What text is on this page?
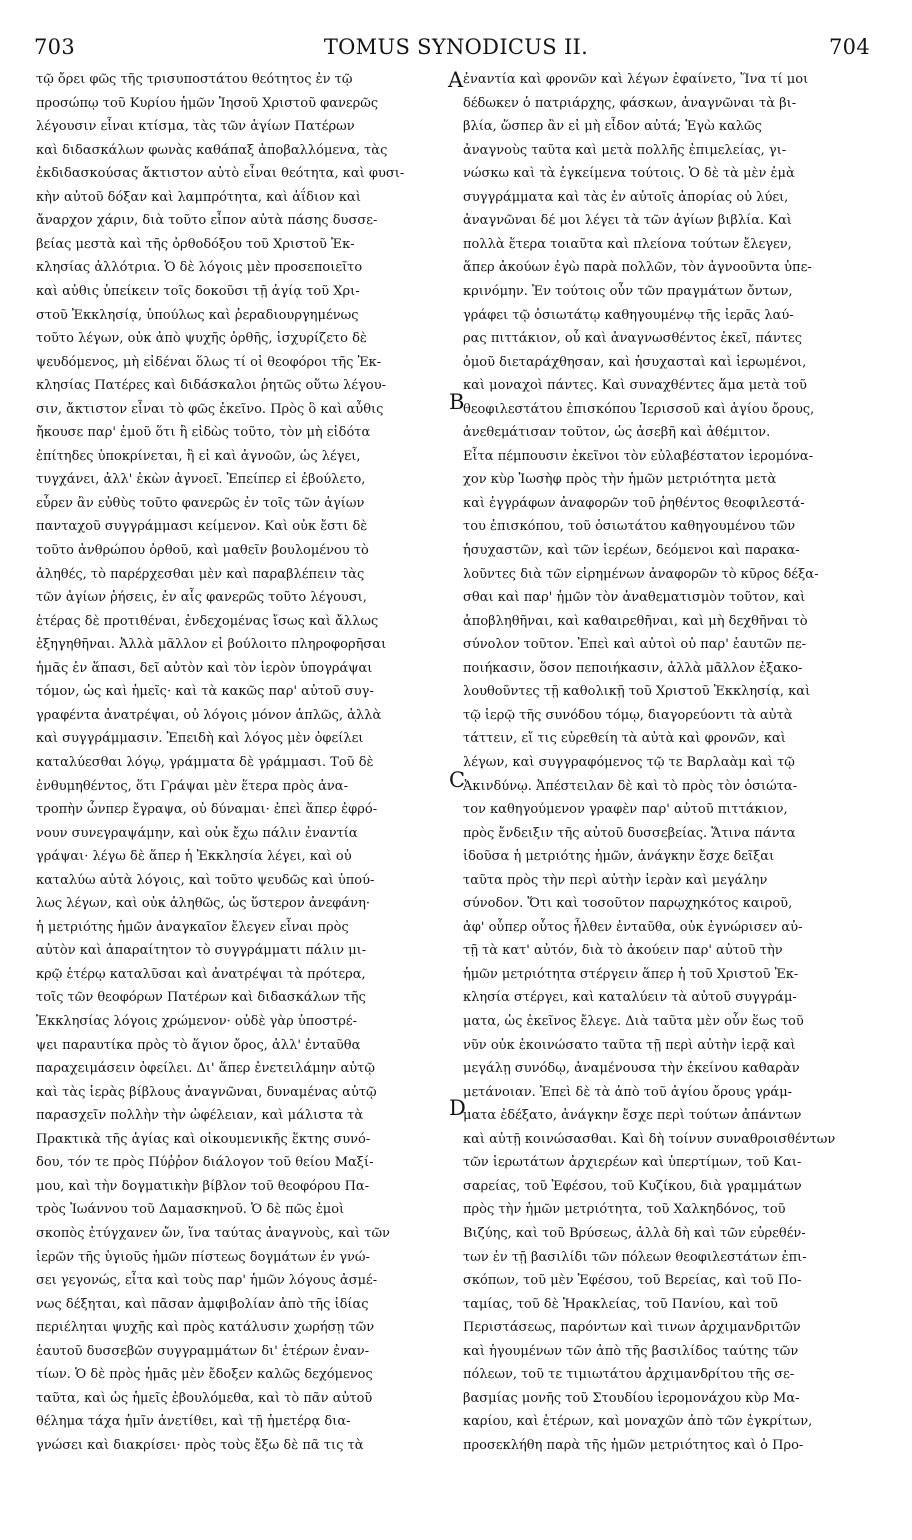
703	TOMUS SYNODICUS II.	704
τῷ ὄρει φῶς τῆς τρισυποστάτου θεότητος ἐν τῷ
προσώπῳ τοῦ Κυρίου ἡμῶν Ἰησοῦ Χριστοῦ φανερῶς
λέγουσιν εἶναι κτίσμα, τὰς τῶν ἁγίων Πατέρων
καὶ διδασκάλων φωνὰς καθάπαξ ἀποβαλλόμενα, τὰς
ἐκδιδασκούσας ἄκτιστον αὐτὸ εἶναι θεότητα, καὶ φυσι-
κὴν αὐτοῦ δόξαν καὶ λαμπρότητα, καὶ ἀΐδιον καὶ
ἄναρχον χάριν, διὰ τοῦτο εἶπον αὐτὰ πάσης δυσσε-
βείας μεστὰ καὶ τῆς ὀρθοδόξου τοῦ Χριστοῦ Ἐκ-
κλησίας ἀλλότρια. Ὁ δὲ λόγοις μὲν προσεποιεῖτο
καὶ αὐθις ὑπείκειν τοῖς δοκοῦσι τῇ ἁγίᾳ τοῦ Χρι-
στοῦ Ἐκκλησίᾳ, ὑπούλως καὶ ῥεραδιουργημένως
τοῦτο λέγων, οὐκ ἀπὸ ψυχῆς ὀρθῆς, ἰσχυρίζετο δὲ
ψευδόμενος, μὴ εἰδέναι ὅλως τί οἱ θεοφόροι τῆς Ἐκ-
κλησίας Πατέρες καὶ διδάσκαλοι ῥητῶς οὕτω λέγου-
σιν, ἄκτιστον εἶναι τὸ φῶς ἐκεῖνο. Πρὸς ὃ καὶ αὖθις
ἤκουσε παρ' ἐμοῦ ὅτι ἢ εἰδὼς τοῦτο, τὸν μὴ εἰδότα
ἐπίτηδες ὑποκρίνεται, ἢ εἰ καὶ ἀγνοῶν, ὡς λέγει,
τυγχάνει, ἀλλ' ἑκὼν ἀγνοεῖ. Ἐπείπερ εἰ ἐβούλετο,
εὗρεν ἂν εὐθὺς τοῦτο φανερῶς ἐν τοῖς τῶν ἁγίων
πανταχοῦ συγγράμμασι κείμενον. Καὶ οὐκ ἔστι δὲ
τοῦτο ἀνθρώπου ὀρθοῦ, καὶ μαθεῖν βουλομένου τὸ
ἀληθές, τὸ παρέρχεσθαι μὲν καὶ παραβλέπειν τὰς
τῶν ἁγίων ῥήσεις, ἐν αἷς φανερῶς τοῦτο λέγουσι,
ἑτέρας δὲ προτιθέναι, ἐνδεχομένας ἴσως καὶ ἄλλως
ἐξηγηθῆναι. Ἀλλὰ μᾶλλον εἰ βούλοιτο πληροφορῆσαι
ἡμᾶς ἐν ἅπασι, δεῖ αὐτὸν καὶ τὸν ἱερὸν ὑπογράψαι
τόμον, ὡς καὶ ἡμεῖς· καὶ τὰ κακῶς παρ' αὐτοῦ συγ-
γραφέντα ἀνατρέψαι, οὐ λόγοις μόνον ἁπλῶς, ἀλλὰ
καὶ συγγράμμασιν. Ἐπειδὴ καὶ λόγος μὲν ὀφείλει
καταλύεσθαι λόγῳ, γράμματα δὲ γράμμασι. Τοῦ δὲ
ἐνθυμηθέντος, ὅτι Γράψαι μὲν ἕτερα πρὸς ἀνα-
τροπὴν ὧνπερ ἔγραψα, οὐ δύναμαι· ἐπεὶ ἅπερ ἐφρό-
νουν συνεγραψάμην, καὶ οὐκ ἔχω πάλιν ἐναντία
γράψαι· λέγω δὲ ἅπερ ἡ Ἐκκλησία λέγει, καὶ οὐ
καταλύω αὐτὰ λόγοις, καὶ τοῦτο ψευδῶς καὶ ὑπού-
λως λέγων, καὶ οὐκ ἀληθῶς, ὡς ὕστερον ἀνεφάνη·
ἡ μετριότης ἡμῶν ἀναγκαῖον ἔλεγεν εἶναι πρὸς
αὐτὸν καὶ ἀπαραίτητον τὸ συγγράμματι πάλιν μι-
κρῷ ἑτέρῳ καταλῦσαι καὶ ἀνατρέψαι τὰ πρότερα,
τοῖς τῶν θεοφόρων Πατέρων καὶ διδασκάλων τῆς
Ἐκκλησίας λόγοις χρώμενον· οὐδὲ γὰρ ὑποστρέ-
ψει παραυτίκα πρὸς τὸ ἅγιον ὄρος, ἀλλ' ἐνταῦθα
παραχειμάσειν ὀφείλει. Δι' ἅπερ ἐνετειλάμην αὐτῷ
καὶ τὰς ἱερὰς βίβλους ἀναγνῶναι, δυναμένας αὐτῷ
παρασχεῖν πολλὴν τὴν ὠφέλειαν, καὶ μάλιστα τὰ
Πρακτικὰ τῆς ἁγίας καὶ οἰκουμενικῆς ἕκτης συνό-
δου, τόν τε πρὸς Πύῤῥον διάλογον τοῦ θείου Μαξί-
μου, καὶ τὴν δογματικὴν βίβλον τοῦ θεοφόρου Πα-
τρὸς Ἰωάννου τοῦ Δαμασκηνοῦ. Ὁ δὲ πῶς ἐμοὶ
σκοπὸς ἐτύγχανεν ὤν, ἵνα ταύτας ἀναγνοὺς, καὶ τῶν
ἱερῶν τῆς ὑγιοῦς ἡμῶν πίστεως δογμάτων ἐν γνώ-
σει γεγονώς, εἶτα καὶ τοὺς παρ' ἡμῶν λόγους ἀσμέ-
νως δέξηται, καὶ πᾶσαν ἀμφιβολίαν ἀπὸ τῆς ἰδίας
περιέληται ψυχῆς καὶ πρὸς κατάλυσιν χωρήσῃ τῶν
ἑαυτοῦ δυσσεβῶν συγγραμμάτων δι' ἑτέρων ἐναν-
τίων. Ὁ δὲ πρὸς ἡμᾶς μὲν ἔδοξεν καλῶς δεχόμενος
ταῦτα, καὶ ὡς ἡμεῖς ἐβουλόμεθα, καὶ τὸ πᾶν αὐτοῦ
θέλημα τάχα ἡμῖν ἀνετίθει, καὶ τῇ ἡμετέρᾳ δια-
γνώσει καὶ διακρίσει· πρὸς τοὺς ἔξω δὲ πᾶ τις τὰ
ἐναντία καὶ φρονῶν καὶ λέγων ἐφαίνετο, Ἵνα τί μοι
δέδωκεν ὁ πατριάρχης, φάσκων, ἀναγνῶναι τὰ βι-
βλία, ὥσπερ ἂν εἰ μὴ εἶδον αὐτά; Ἐγὼ καλῶς
ἀναγνοὺς ταῦτα καὶ μετὰ πολλῆς ἐπιμελείας, γι-
νώσκω καὶ τὰ ἐγκείμενα τούτοις. Ὁ δὲ τὰ μὲν ἐμὰ
συγγράμματα καὶ τὰς ἐν αὐτοῖς ἀπορίας οὐ λύει,
ἀναγνῶναι δέ μοι λέγει τὰ τῶν ἁγίων βιβλία. Καὶ
πολλὰ ἕτερα τοιαῦτα καὶ πλείονα τούτων ἔλεγεν,
ἅπερ ἀκούων ἐγὼ παρὰ πολλῶν, τὸν ἀγνοοῦντα ὑπε-
κρινόμην. Ἐν τούτοις οὖν τῶν πραγμάτων ὄντων,
γράφει τῷ ὁσιωτάτῳ καθηγουμένῳ τῆς ἱερᾶς λαύ-
ρας πιττάκιον, οὗ καὶ ἀναγνωσθέντος ἐκεῖ, πάντες
ὁμοῦ διεταράχθησαν, καὶ ἡσυχασταὶ καὶ ἱερωμένοι,
καὶ μοναχοὶ πάντες. Καὶ συναχθέντες ἅμα μετὰ τοῦ
θεοφιλεστάτου ἐπισκόπου Ἱερισσοῦ καὶ ἁγίου ὄρους,
ἀνεθεμάτισαν τοῦτον, ὡς ἀσεβῆ καὶ ἀθέμιτον.
Εἶτα πέμπουσιν ἐκεῖνοι τὸν εὐλαβέστατον ἱερομόνα-
χον κὺρ Ἰωσὴφ πρὸς τὴν ἡμῶν μετριότητα μετὰ
καὶ ἐγγράφων ἀναφορῶν τοῦ ῥηθέντος θεοφιλεστά-
του ἐπισκόπου, τοῦ ὁσιωτάτου καθηγουμένου τῶν
ἡσυχαστῶν, καὶ τῶν ἱερέων, δεόμενοι καὶ παρακα-
λοῦντες διὰ τῶν εἰρημένων ἀναφορῶν τὸ κῦρος δέξα-
σθαι καὶ παρ' ἡμῶν τὸν ἀναθεματισμὸν τοῦτον, καὶ
ἀποβληθῆναι, καὶ καθαιρεθῆναι, καὶ μὴ δεχθῆναι τὸ
σύνολον τοῦτον. Ἐπεὶ καὶ αὐτοὶ οὐ παρ' ἑαυτῶν πε-
ποιήκασιν, ὅσον πεποιήκασιν, ἀλλὰ μᾶλλον ἐξακο-
λουθοῦντες τῇ καθολικῇ τοῦ Χριστοῦ Ἐκκλησίᾳ, καὶ
τῷ ἱερῷ τῆς συνόδου τόμῳ, διαγορεύοντι τὰ αὐτὰ
τάττειν, εἴ τις εὑρεθείη τὰ αὐτὰ καὶ φρονῶν, καὶ
λέγων, καὶ συγγραφόμενος τῷ τε Βαρλαὰμ καὶ τῷ
Ἀκινδύνῳ. Ἀπέστειλαν δὲ καὶ τὸ πρὸς τὸν ὁσιώτα-
τον καθηγούμενον γραφὲν παρ' αὐτοῦ πιττάκιον,
πρὸς ἔνδειξιν τῆς αὐτοῦ δυσσεβείας. Ἅτινα πάντα
ἰδοῦσα ἡ μετριότης ἡμῶν, ἀνάγκην ἔσχε δεῖξαι
ταῦτα πρὸς τὴν περὶ αὐτὴν ἱερὰν καὶ μεγάλην
σύνοδον. Ὅτι καὶ τοσοῦτον παρῳχηκότος καιροῦ,
ἀφ' οὗπερ οὗτος ἦλθεν ἐνταῦθα, οὐκ ἐγνώρισεν αὐ-
τῇ τὰ κατ' αὐτόν, διὰ τὸ ἀκούειν παρ' αὐτοῦ τὴν
ἡμῶν μετριότητα στέργειν ἅπερ ἡ τοῦ Χριστοῦ Ἐκ-
κλησία στέργει, καὶ καταλύειν τὰ αὐτοῦ συγγράμ-
ματα, ὡς ἐκεῖνος ἔλεγε. Διὰ ταῦτα μὲν οὖν ἕως τοῦ
νῦν οὐκ ἐκοινώσατο ταῦτα τῇ περὶ αὐτὴν ἱερᾷ καὶ
μεγάλῃ συνόδῳ, ἀναμένουσα τὴν ἐκείνου καθαρὰν
μετάνοιαν. Ἐπεὶ δὲ τὰ ἀπὸ τοῦ ἁγίου ὄρους γράμ-
ματα ἐδέξατο, ἀνάγκην ἔσχε περὶ τούτων ἁπάντων
καὶ αὐτῇ κοινώσασθαι. Καὶ δὴ τοίνυν συναθροισθέντων
τῶν ἱερωτάτων ἀρχιερέων καὶ ὑπερτίμων, τοῦ Και-
σαρείας, τοῦ Ἐφέσου, τοῦ Κυζίκου, διὰ γραμμάτων
πρὸς τὴν ἡμῶν μετριότητα, τοῦ Χαλκηδόνος, τοῦ
Βιζύης, καὶ τοῦ Βρύσεως, ἀλλὰ δὴ καὶ τῶν εὑρεθέν-
των ἐν τῇ βασιλίδι τῶν πόλεων θεοφιλεστάτων ἐπι-
σκόπων, τοῦ μὲν Ἐφέσου, τοῦ Βερείας, καὶ τοῦ Πο-
ταμίας, τοῦ δὲ Ἡρακλείας, τοῦ Πανίου, καὶ τοῦ
Περιστάσεως, παρόντων καὶ τινων ἀρχιμανδριτῶν
καὶ ἡγουμένων τῶν ἀπὸ τῆς βασιλίδος ταύτης τῶν
πόλεων, τοῦ τε τιμιωτάτου ἀρχιμανδρίτου τῆς σε-
βασμίας μονῆς τοῦ Στουδίου ἱερομονάχου κὺρ Μα-
καρίου, καὶ ἑτέρων, καὶ μοναχῶν ἀπὸ τῶν ἐγκρίτων,
προσεκλήθη παρὰ τῆς ἡμῶν μετριότητος καὶ ὁ Προ-
A
B
C
D
